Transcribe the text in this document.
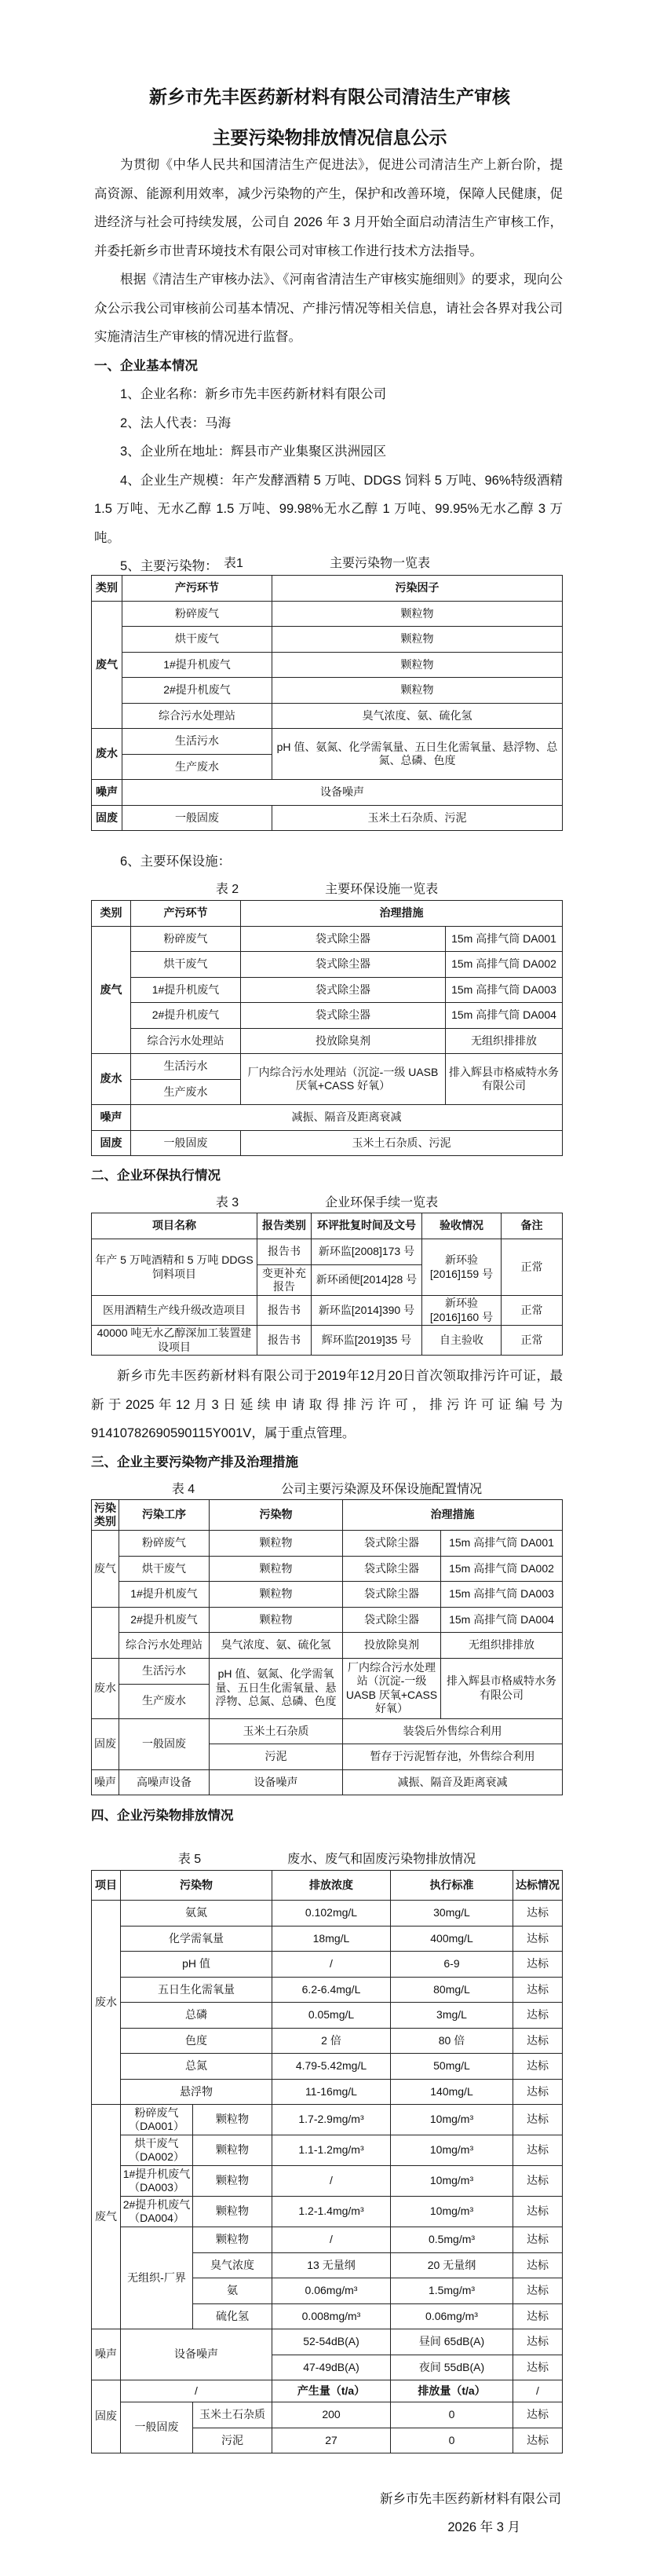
新乡市先丰医药新材料有限公司清洁生产审核
主要污染物排放情况信息公示

为贯彻《中华人民共和国清洁生产促进法》，促进公司清洁生产上新台阶，提高资源、能源利用效率，减少污染物的产生，保护和改善环境，保障人民健康，促进经济与社会可持续发展，公司自 2026 年 3 月开始全面启动清洁生产审核工作，并委托新乡市世青环境技术有限公司对审核工作进行技术方法指导。

根据《清洁生产审核办法》、《河南省清洁生产审核实施细则》的要求，现向公众公示我公司审核前公司基本情况、产排污情况等相关信息，请社会各界对我公司实施清洁生产审核的情况进行监督。

一、企业基本情况

1、企业名称：新乡市先丰医药新材料有限公司

2、法人代表：马海

3、企业所在地址：辉县市产业集聚区洪洲园区

4、企业生产规模：年产发酵酒精 5 万吨、DDGS 饲料 5 万吨、96%特级酒精 1.5 万吨、无水乙醇 1.5 万吨、99.98%无水乙醇 1 万吨、99.95%无水乙醇 3 万吨。

5、主要污染物： 表1	主要污染物一览表
类别	产污环节	污染因子
废气	粉碎废气	颗粒物
	烘干废气	颗粒物
	1#提升机废气	颗粒物
	2#提升机废气	颗粒物
	综合污水处理站	臭气浓度、氨、硫化氢
废水	生活污水	pH 值、氨氮、化学需氧量、五日生化需氧量、悬浮物、总氮、总磷、色度
	生产废水	
噪声	设备噪声	
固废	一般固废	玉米土石杂质、污泥
6、主要环保设施：
表 2	主要环保设施一览表
类别	产污环节	治理措施	
废气	粉碎废气	袋式除尘器	15m 高排气筒 DA001
	烘干废气	袋式除尘器	15m 高排气筒 DA002
	1#提升机废气	袋式除尘器	15m 高排气筒 DA003
	2#提升机废气	袋式除尘器	15m 高排气筒 DA004
	综合污水处理站	投放除臭剂	无组织排排放
废水	生活污水	厂内综合污水处理站（沉淀-一级 UASB 厌氧+CASS 好氧）	排入辉县市格威特水务有限公司
	生产废水		
噪声	减振、隔音及距离衰减		
固废	一般固废	玉米土石杂质、污泥	
二、企业环保执行情况
表 3	企业环保手续一览表
项目名称	报告类别	环评批复时间及文号	验收情况	备注
年产 5 万吨酒精和 5 万吨 DDGS 饲料项目	报告书	新环监[2008]173 号	新环验[2016]159 号	正常
	变更补充报告	新环函便[2014]28 号		
医用酒精生产线升级改造项目	报告书	新环监[2014]390 号	新环验[2016]160 号	正常
40000 吨无水乙醇深加工装置建设项目	报告书	辉环监[2019]35 号	自主验收	正常
新乡市先丰医药新材料有限公司于2019年12月20日首次领取排污许可证，最新于2025年12月3日延续申请取得排污许可，排污许可证编号为91410782690590115Y001V，属于重点管理。
三、企业主要污染物产排及治理措施
表 4	公司主要污染源及环保设施配置情况
污染类别	污染工序	污染物	治理措施	
废气	粉碎废气	颗粒物	袋式除尘器	15m 高排气筒 DA001
	烘干废气	颗粒物	袋式除尘器	15m 高排气筒 DA002
	1#提升机废气	颗粒物	袋式除尘器	15m 高排气筒 DA003
	2#提升机废气	颗粒物	袋式除尘器	15m 高排气筒 DA004
	综合污水处理站	臭气浓度、氨、硫化氢	投放除臭剂	无组织排排放
废水	生活污水	pH 值、氨氮、化学需氧量、五日生化需氧量、悬浮物、总氮、总磷、色度	厂内综合污水处理站（沉淀-一级 UASB 厌氧+CASS 好氧）	排入辉县市格威特水务有限公司
	生产废水			
固废	一般固废	玉米土石杂质	装袋后外售综合利用	
		污泥	暂存于污泥暂存池，外售综合利用	
噪声	高噪声设备	设备噪声	减振、隔音及距离衰减	
四、企业污染物排放情况
表 5	废水、废气和固废污染物排放情况
项目	污染物		排放浓度	执行标准	达标情况
废水	氨氮		0.102mg/L	30mg/L	达标
	化学需氧量		18mg/L	400mg/L	达标
	pH 值		/	6-9	达标
	五日生化需氧量		6.2-6.4mg/L	80mg/L	达标
	总磷		0.05mg/L	3mg/L	达标
	色度		2 倍	80 倍	达标
	总氮		4.79-5.42mg/L	50mg/L	达标
	悬浮物		11-16mg/L	140mg/L	达标
废气	粉碎废气（DA001）	颗粒物	1.7-2.9mg/m³	10mg/m³	达标
	烘干废气（DA002）	颗粒物	1.1-1.2mg/m³	10mg/m³	达标
	1#提升机废气（DA003）	颗粒物	/	10mg/m³	达标
	2#提升机废气（DA004）	颗粒物	1.2-1.4mg/m³	10mg/m³	达标
	无组织-厂界	颗粒物	/	0.5mg/m³	达标
		臭气浓度	13 无量纲	20 无量纲	达标
		氨	0.06mg/m³	1.5mg/m³	达标
		硫化氢	0.008mg/m³	0.06mg/m³	达标
噪声	设备噪声		52-54dB(A)	昼间 65dB(A)	达标
			47-49dB(A)	夜间 55dB(A)	达标
固废	/		产生量（t/a）	排放量（t/a）	/
	一般固废	玉米土石杂质	200	0	达标
		污泥	27	0	达标
新乡市先丰医药新材料有限公司
2026 年 3 月
